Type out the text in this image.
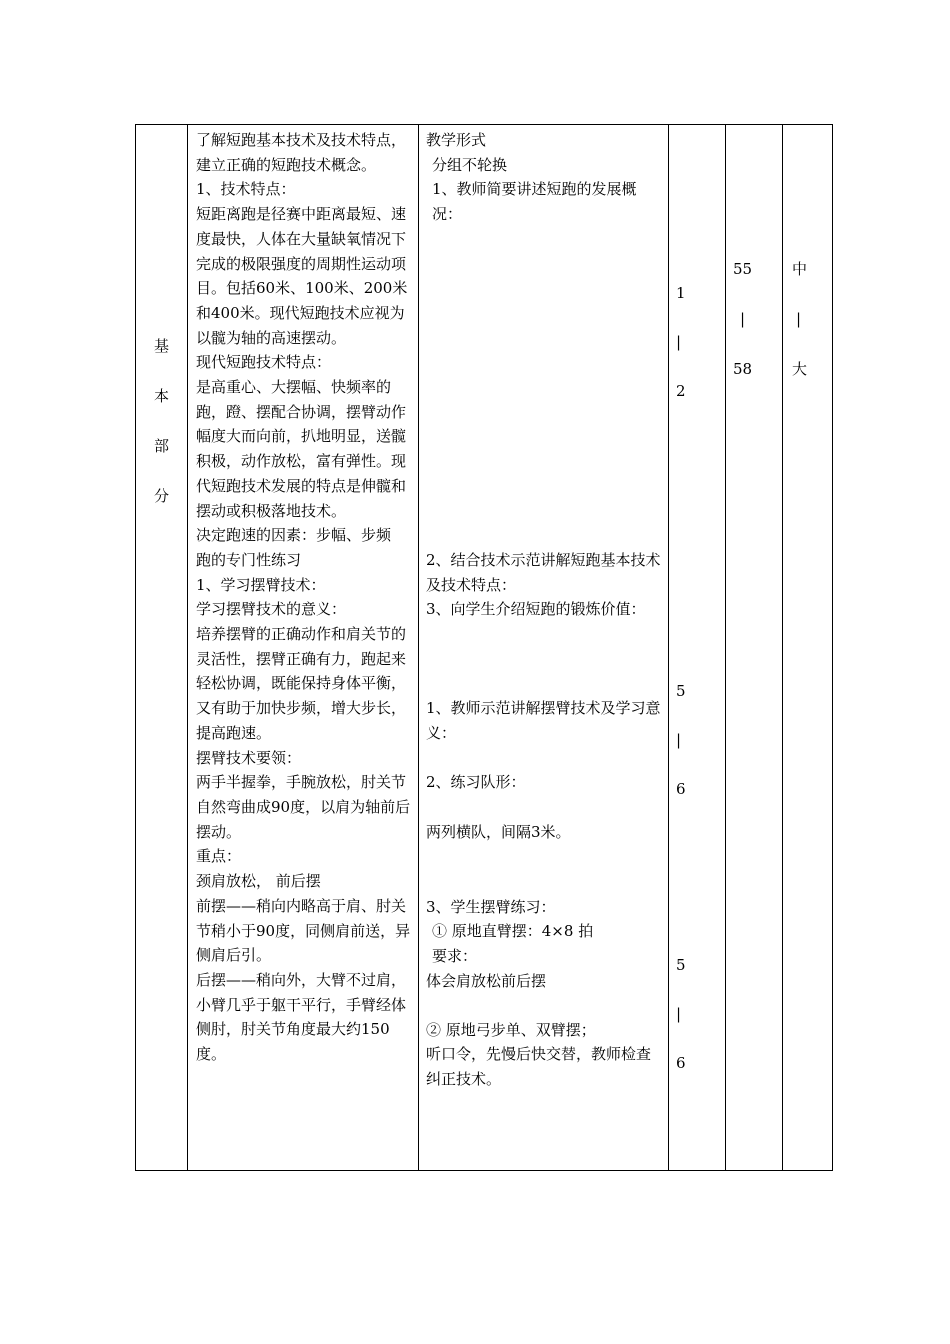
基
本
部
分

了解短跑基本技术及技术特点， 建立正确的短跑技术概念。

1、技术特点：

短距离跑是径赛中距离最短、速度最快，人体在大量缺氧情况下完成的极限强度的周期性运动项目。包括60米、100米、200米和400米。现代短跑技术应视为以髋为轴的高速摆动。

现代短跑技术特点：

是高重心、大摆幅、快频率的跑，蹬、摆配合协调，摆臂动作幅度大而向前，扒地明显，送髋积极，动作放松，富有弹性。现代短跑技术发展的特点是伸髋和摆动或积极落地技术。

决定跑速的因素：步幅、步频

跑的专门性练习

1、学习摆臂技术：

学习摆臂技术的意义：

培养摆臂的正确动作和肩关节的灵活性，摆臂正确有力，跑起来轻松协调，既能保持身体平衡，又有助于加快步频，增大步长，提高跑速。

摆臂技术要领：

两手半握拳，手腕放松，肘关节自然弯曲成90度，以肩为轴前后摆动。

重点：

颈肩放松， 前后摆

前摆——稍向内略高于肩、肘关节稍小于90度，同侧肩前送，异侧肩后引。

后摆——稍向外，大臂不过肩，小臂几乎于躯干平行，手臂经体侧肘，肘关节角度最大约150度。

教学形式

分组不轮换

1、教师简要讲述短跑的发展概况：

2、结合技术示范讲解短跑基本技术及技术特点：

3、向学生介绍短跑的锻炼价值：

1、教师示范讲解摆臂技术及学习意义：

2、练习队形：

两列横队，间隔3米。

3、学生摆臂练习：

① 原地直臂摆：4×8 拍

要求：

体会肩放松前后摆

② 原地弓步单、双臂摆；

听口令，先慢后快交替，教师检查纠正技术。

1
|
2
5
|
6
5
|
6
55
|
58
中
|
大
